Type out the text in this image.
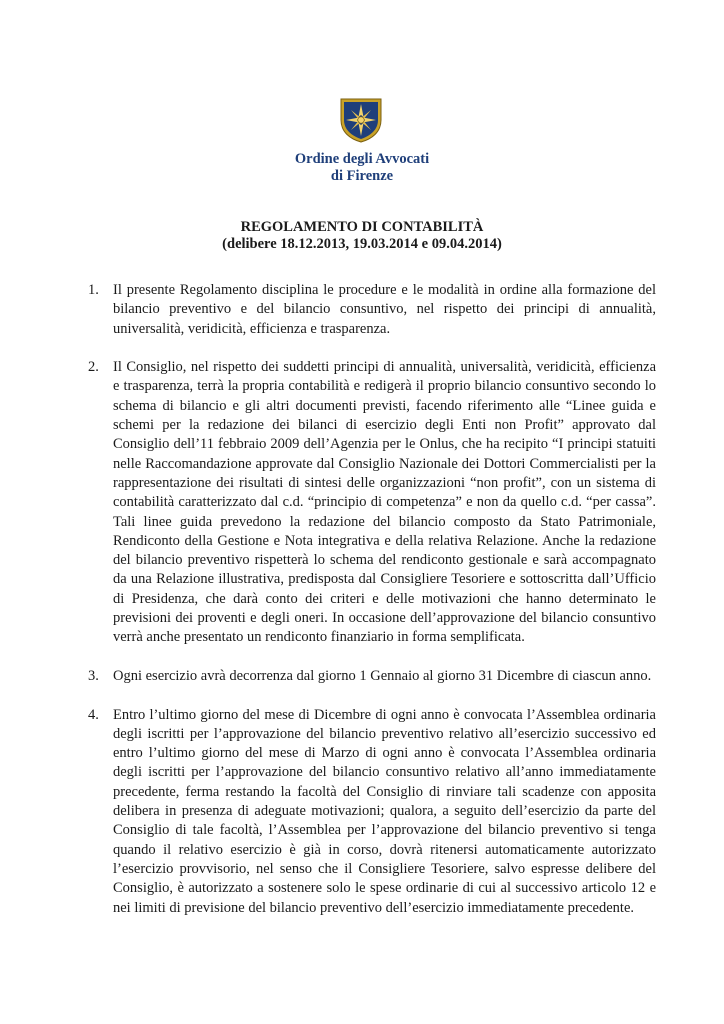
Ordine degli Avvocati
di Firenze
REGOLAMENTO DI CONTABILITÀ
(delibere 18.12.2013, 19.03.2014 e 09.04.2014)
1. Il presente Regolamento disciplina le procedure e le modalità in ordine alla formazione del bilancio preventivo e del bilancio consuntivo, nel rispetto dei principi di annualità, universalità, veridicità, efficienza e trasparenza.
2. Il Consiglio, nel rispetto dei suddetti principi di annualità, universalità, veridicità, efficienza e trasparenza, terrà la propria contabilità e redigerà il proprio bilancio consuntivo secondo lo schema di bilancio e gli altri documenti previsti, facendo riferimento alle “Linee guida e schemi per la redazione dei bilanci di esercizio degli Enti non Profit” approvato dal Consiglio dell’11 febbraio 2009 dell’Agenzia per le Onlus, che ha recipito “I principi statuiti nelle Raccomandazione approvate dal Consiglio Nazionale dei Dottori Commercialisti per la rappresentazione dei risultati di sintesi delle organizzazioni “non profit”, con un sistema di contabilità caratterizzato dal c.d. “principio di competenza” e non da quello c.d. “per cassa”. Tali linee guida prevedono la redazione del bilancio composto da Stato Patrimoniale, Rendiconto della Gestione e Nota integrativa e della relativa Relazione. Anche la redazione del bilancio preventivo rispetterà lo schema del rendiconto gestionale e sarà accompagnato da una Relazione illustrativa, predisposta dal Consigliere Tesoriere e sottoscritta dall’Ufficio di Presidenza, che darà conto dei criteri e delle motivazioni che hanno determinato le previsioni dei proventi e degli oneri. In occasione dell’approvazione del bilancio consuntivo verrà anche presentato un rendiconto finanziario in forma semplificata.
3. Ogni esercizio avrà decorrenza dal giorno 1 Gennaio al giorno 31 Dicembre di ciascun anno.
4. Entro l’ultimo giorno del mese di Dicembre di ogni anno è convocata l’Assemblea ordinaria degli iscritti per l’approvazione del bilancio preventivo relativo all’esercizio successivo ed entro l’ultimo giorno del mese di Marzo di ogni anno è convocata l’Assemblea ordinaria degli iscritti per l’approvazione del bilancio consuntivo relativo all’anno immediatamente precedente, ferma restando la facoltà del Consiglio di rinviare tali scadenze con apposita delibera in presenza di adeguate motivazioni; qualora, a seguito dell’esercizio da parte del Consiglio di tale facoltà, l’Assemblea per l’approvazione del bilancio preventivo si tenga quando il relativo esercizio è già in corso, dovrà ritenersi automaticamente autorizzato l’esercizio provvisorio, nel senso che il Consigliere Tesoriere, salvo espresse delibere del Consiglio, è autorizzato a sostenere solo le spese ordinarie di cui al successivo articolo 12 e nei limiti di previsione del bilancio preventivo dell’esercizio immediatamente precedente.
